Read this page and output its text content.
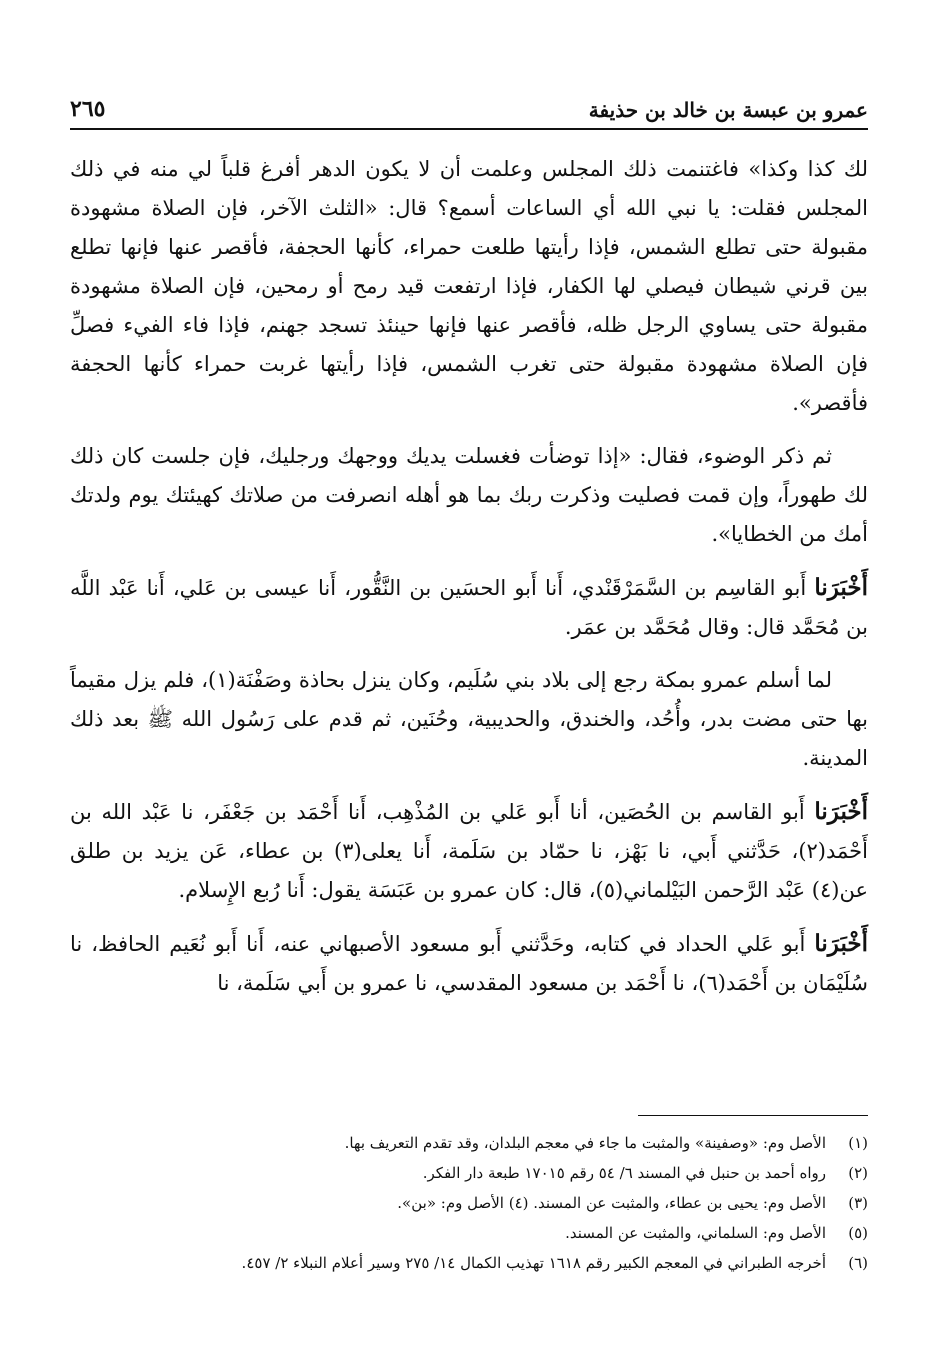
عمرو بن عبسة بن خالد بن حذيفة
٢٦٥

لك كذا وكذا» فاغتنمت ذلك المجلس وعلمت أن لا يكون الدهر أفرغ قلباً لي منه في ذلك المجلس فقلت: يا نبي الله أي الساعات أسمع؟ قال: «الثلث الآخر، فإن الصلاة مشهودة مقبولة حتى تطلع الشمس، فإذا رأيتها طلعت حمراء، كأنها الحجفة، فأقصر عنها فإنها تطلع بين قرني شيطان فيصلي لها الكفار، فإذا ارتفعت قيد رمح أو رمحين، فإن الصلاة مشهودة مقبولة حتى يساوي الرجل ظله، فأقصر عنها فإنها حينئذ تسجد جهنم، فإذا فاء الفيء فصلِّ فإن الصلاة مشهودة مقبولة حتى تغرب الشمس، فإذا رأيتها غربت حمراء كأنها الحجفة فأقصر».

ثم ذكر الوضوء، فقال: «إذا توضأت فغسلت يديك ووجهك ورجليك، فإن جلست كان ذلك لك طهوراً، وإن قمت فصليت وذكرت ربك بما هو أهله انصرفت من صلاتك كهيئتك يوم ولدتك أمك من الخطايا».

أَخْبَرَنا أَبو القاسِم بن السَّمَرْقَنْدي، أَنا أَبو الحسَين بن النَّقُّور، أَنا عيسى بن عَلي، أَنا عَبْد اللَّه بن مُحَمَّد قال: وقال مُحَمَّد بن عمَر.

لما أسلم عمرو بمكة رجع إلى بلاد بني سُلَيم، وكان ينزل بحاذة وصَفْنَة(١)، فلم يزل مقيماً بها حتى مضت بدر، وأُحُد، والخندق، والحديبية، وحُنَين، ثم قدم على رَسُول الله ﷺ بعد ذلك المدينة.

أَخْبَرَنا أَبو القاسم بن الحُصَين، أنا أَبو عَلي بن المُذْهِب، أَنا أَحْمَد بن جَعْفَر، نا عَبْد الله بن أَحْمَد(٢)، حَدَّثني أَبي، نا بَهْز، نا حمّاد بن سَلَمة، أَنا يعلى(٣) بن عطاء، عَن يزيد بن طلق عن(٤) عَبْد الرَّحمن البَيْلماني(٥)، قال: كان عمرو بن عَبَسَة يقول: أَنا رُبع الإِسلام.

أَخْبَرَنا أَبو عَلي الحداد في كتابه، وحَدَّثني أَبو مسعود الأصبهاني عنه، أَنا أَبو نُعَيم الحافظ، نا سُلَيْمَان بن أَحْمَد(٦)، نا أَحْمَد بن مسعود المقدسي، نا عمرو بن أَبي سَلَمة، نا

(١)
الأصل وم: «وصفينة» والمثبت ما جاء في معجم البلدان، وقد تقدم التعريف بها.
(٢)
رواه أحمد بن حنبل في المسند ٦/ ٥٤ رقم ١٧٠١٥ طبعة دار الفكر.
(٣)
الأصل وم: يحيى بن عطاء، والمثبت عن المسند. (٤) الأصل وم: «بن».
(٥)
الأصل وم: السلماني، والمثبت عن المسند.
(٦)
أخرجه الطبراني في المعجم الكبير رقم ١٦١٨ تهذيب الكمال ١٤/ ٢٧٥ وسير أعلام النبلاء ٢/ ٤٥٧.
